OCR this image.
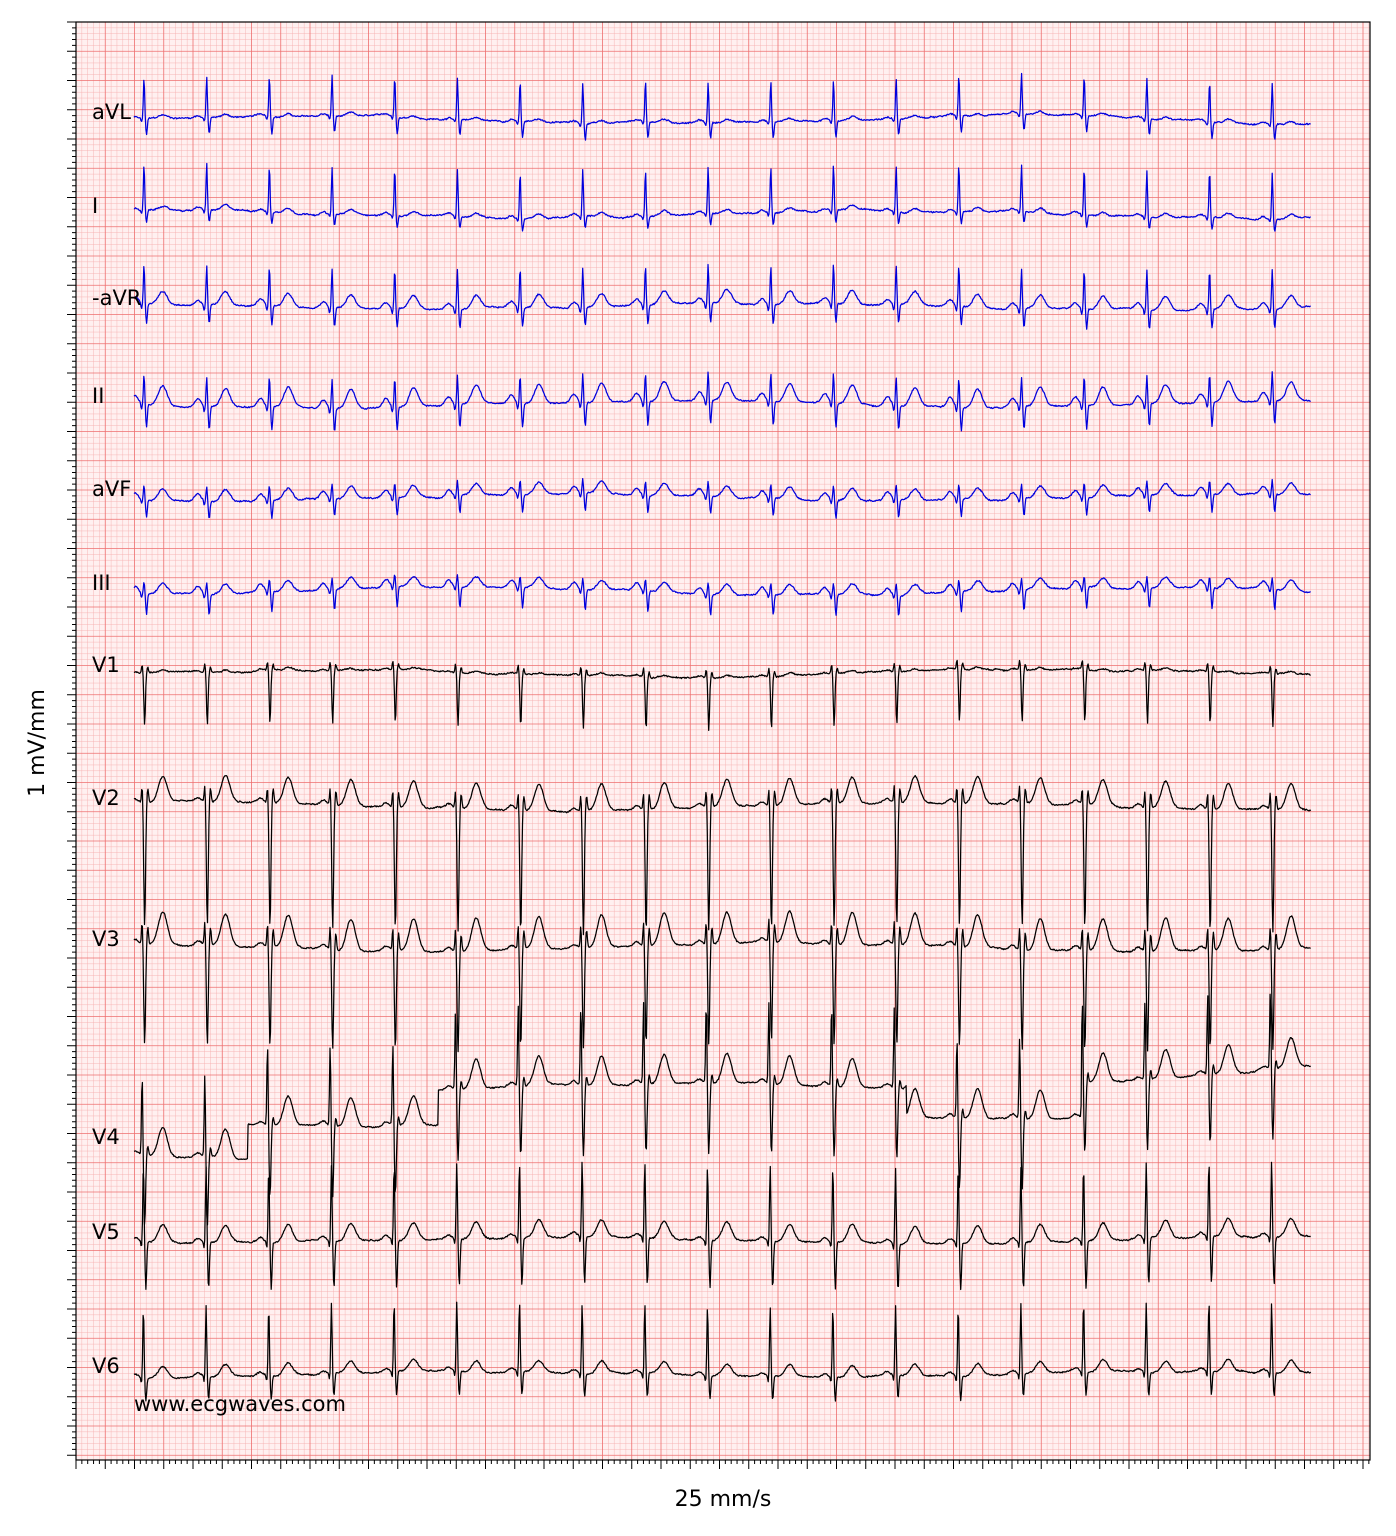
aVL
I
-aVR
II
aVF
III
V1
V2
V3
V4
V5
V6
www.ecgwaves.com
25 mm/s
1 mV/mm
